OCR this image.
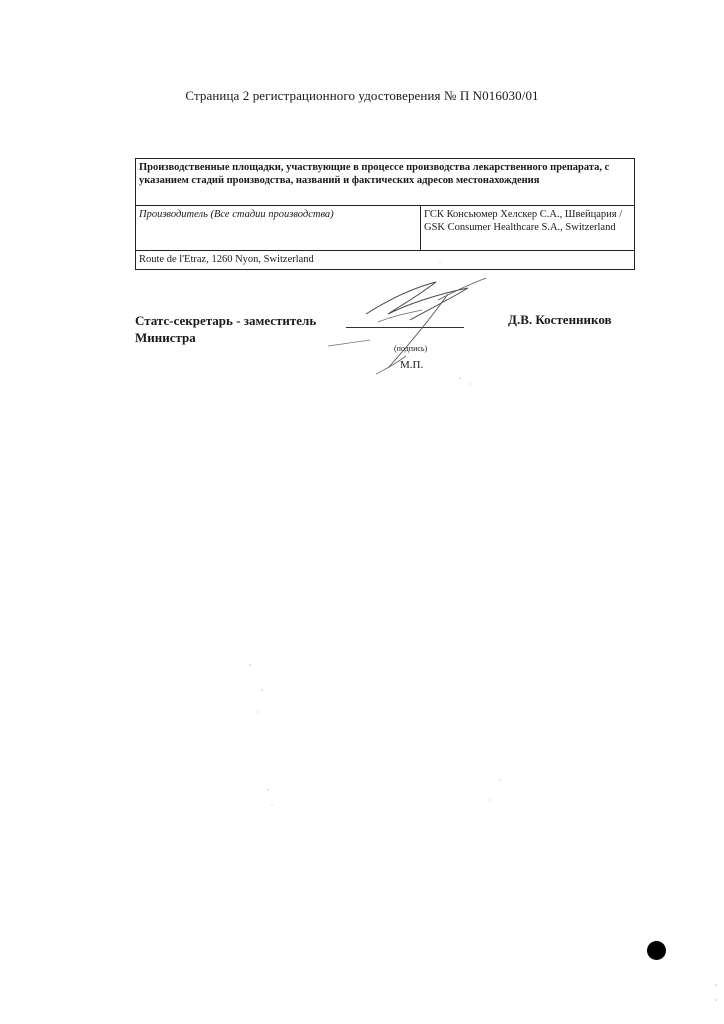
Страница 2 регистрационного удостоверения № П N016030/01
Производственные площадки, участвующие в процессе производства лекарственного препарата, с указанием стадий производства, названий и фактических адресов местонахождения
Производитель (Все стадии производства)	ГСК Консьюмер Хелскер С.А., Швейцария / GSK Consumer Healthcare S.A., Switzerland
Route de l'Etraz, 1260 Nyon, Switzerland
Статс-секретарь - заместитель Министра
Д.В. Костенников
(подпись)
М.П.
